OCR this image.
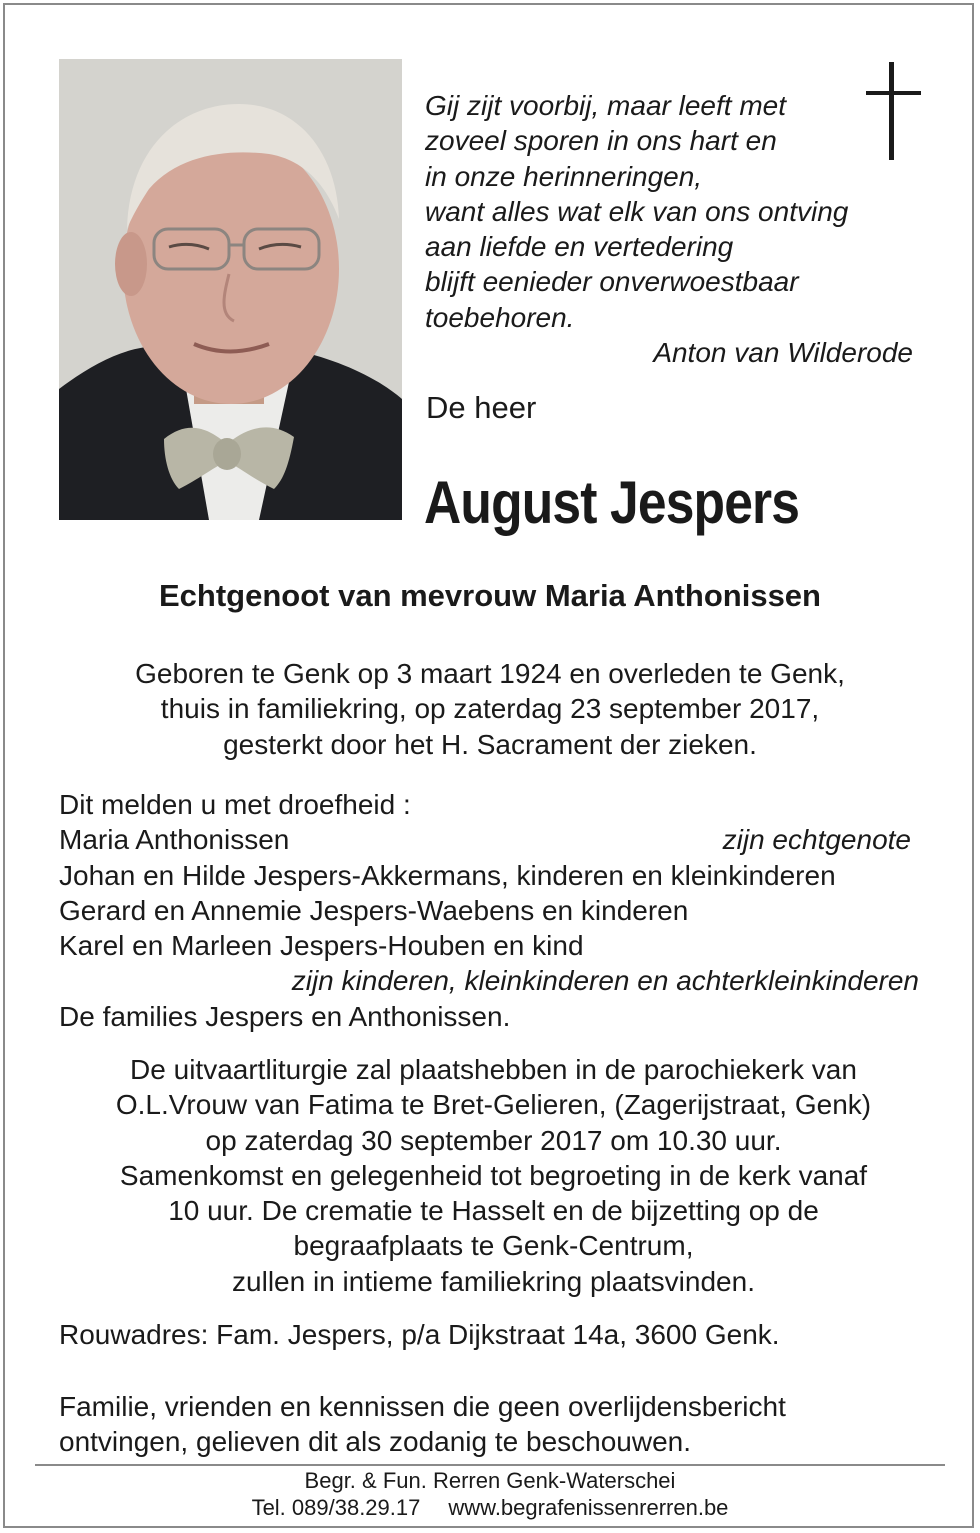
Gij zijt voorbij, maar leeft met
zoveel sporen in ons hart en
in onze herinneringen,
want alles wat elk van ons ontving
aan liefde en vertedering
blijft eenieder onverwoestbaar
toebehoren.
Anton van Wilderode
De heer
August Jespers
Echtgenoot van mevrouw Maria Anthonissen
Geboren te Genk op 3 maart 1924 en overleden te Genk,
thuis in familiekring, op zaterdag 23 september 2017,
gesterkt door het H. Sacrament der zieken.
Dit melden u met droefheid :
Maria Anthonissen	zijn echtgenote
Johan en Hilde Jespers-Akkermans, kinderen en kleinkinderen
Gerard en Annemie Jespers-Waebens en kinderen
Karel en Marleen Jespers-Houben en kind
zijn kinderen, kleinkinderen en achterkleinkinderen
De families Jespers en Anthonissen.
De uitvaartliturgie zal plaatshebben in de parochiekerk van
O.L.Vrouw van Fatima te Bret-Gelieren, (Zagerijstraat, Genk)
op zaterdag 30 september 2017 om 10.30 uur.
Samenkomst en gelegenheid tot begroeting in de kerk vanaf
10 uur. De crematie te Hasselt en de bijzetting op de
begraafplaats te Genk-Centrum,
zullen in intieme familiekring plaatsvinden.
Rouwadres: Fam. Jespers, p/a Dijkstraat 14a, 3600 Genk.
Familie, vrienden en kennissen die geen overlijdensbericht
ontvingen, gelieven dit als zodanig te beschouwen.
Begr. & Fun. Rerren Genk-Waterschei
Tel. 089/38.29.17 www.begrafenissenrerren.be
